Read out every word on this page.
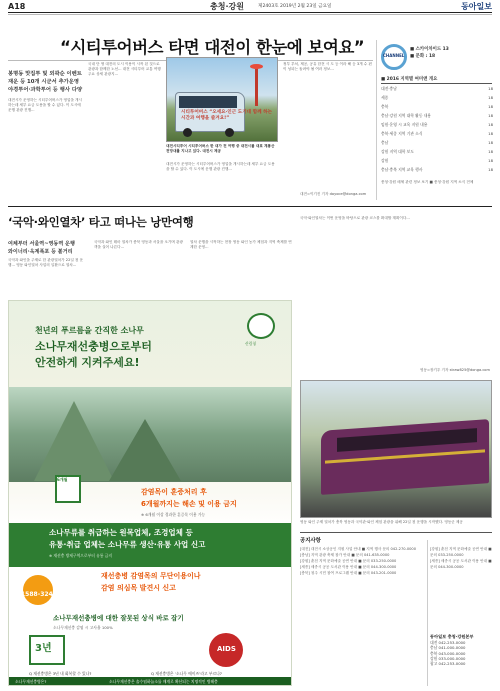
A18	충청·강원	제2403호 2019년 2월 23일 금요일	동아일보
“시티투어버스 타면 대전이 한눈에 보여요”
봉명동 맛집투 및 외곽순 이벤트
재운 등 10개 시군서 추가운영
야경투어·과학투어 등 행사 다양
대전시가 운영하는 시티투어버스가 영업을 개시하는데 세부 요금 도용을 할 수 있다. 이 도시에 운행 관광 진행...
국내 단 생 대전의 도시 이용이 시작 된 것으로 관광과 함께한 노선... 대전 시티투어 교통 여행 주요 상세 관광지...
시티투어버스 “오세요·인근 도기대 함께 하는 시간과 여행을 즐겨요!”
대전시티투어 시티투어버스 한 대가 전 여행 중 대전시를 대표 계룡산 전망대를 지나고 있다. 대전시 제공
대전시가 운영하는 시티투어버스가 영업을 개시하는데 세부 요금 도용을 할 수 있다. 이 도시에 운행 관광 진행...
정부 부처, 제공, 공유 한전 시 도 등 이라 해 등 3개 수 편이 성되는 돌려야 될 여러 정보...
대전=이기진 기자 doyoce@donga.com
CHANNEL
■ 스카이차이드 13
■ 문화 : 18
■ 2016 지역별 여미앤 개요
대전·충남	18
세종	18
충북	18
충남·강원 지역 대학 활동 내용	18
임원·운영 시 교육 지원 내용	18
충북·세종 지역 기관 소식	18
충남	18
강원 지역 대학 보도	18
강원	18
충남·충북 지역 교육 행사	18
충청·강원 매체 관련 정보 보기 ■ 충청·강원 지역 소식 전체
‘국악·와인열차’ 타고 떠나는 낭만여행
여체부터 서울역~영동역 운행
와이너리·옥계폭포 등 볼거리
국악과 와인을 주제로 한 관광열차가 22일 첫 운행… 영동 와인열차 사업의 일환으로 열차...
국악과 와인 테마 열차가 충북 영동과 서울을 오가며 관광객을 실어 나른다...
열차 운행을 시작하는 현장 영동 와인 농가 체험과 지역 축제를 연계한 운영...
국악·와인열차는 이번 운영을 바탕으로 관광 코스를 확대할 계획이다...
영동=장기우 기자 straw825@donga.com
산림청
천년의 푸르름을 간직한 소나무
소나무재선충병으로부터
안전하게 지켜주세요!
6개월
감염목이 훈증처리 후
6개월까지는 해손 및 이용 금지
※ 6개월 이상 경과한 훈증목 이용 가능
소나무류를 취급하는 원목업체, 조경업체 등
유통·취급 업체는 소나무류 생산·유통 사업 신고
※ 재선충 방제구역으로부터 유통 금지
1588-3249
재선충병 감염목의 무단이용이나
감염 의심목 발견시 신고
소나무재선충병에 대한 잘못된 상식 바로 잡기
소나무재선충 감염 시 고사율 100%
3년	AIDS
Q 재선충병은 3년 내 회복할 수 있나?	Q 재선충병은 ‘소나무 에이즈’라고 부르나?
소나무재선충병은?	소나무재선충은 솔수염하늘소를 매개로 확산되는 치명적인 병해충
영동 와인 주제 열차가 충북 영동과 국악관·와인 체험 관광을 위해 22일 첫 운행을 시작했다. 영동군 제공
공지사항
[대전] 대전시 소상공인 지원 사업 안내 ■ 지역 행사 문의 042-270-0000
[충남] 지역 관광 축제 참가 안내 ■ 문의 041-635-0000
[강원] 춘천 지역 문화예술 공연 안내 ■ 문의 033-250-0000
[세종] 세종시 공공 도서관 이용 안내 ■ 문의 044-300-0000
[충북] 청주 시민 참여 프로그램 안내 ■ 문의 043-201-0000
[강원] 춘천 지역 문화예술 공연 안내 ■ 문의 033-250-0000
[세종] 세종시 공공 도서관 이용 안내 ■ 문의 044-300-0000
동아일보 충청·강원본부
대전 042-253-0000
충남 041-000-0000
충북 043-000-0000
강원 033-000-0000
광고 042-253-0000
